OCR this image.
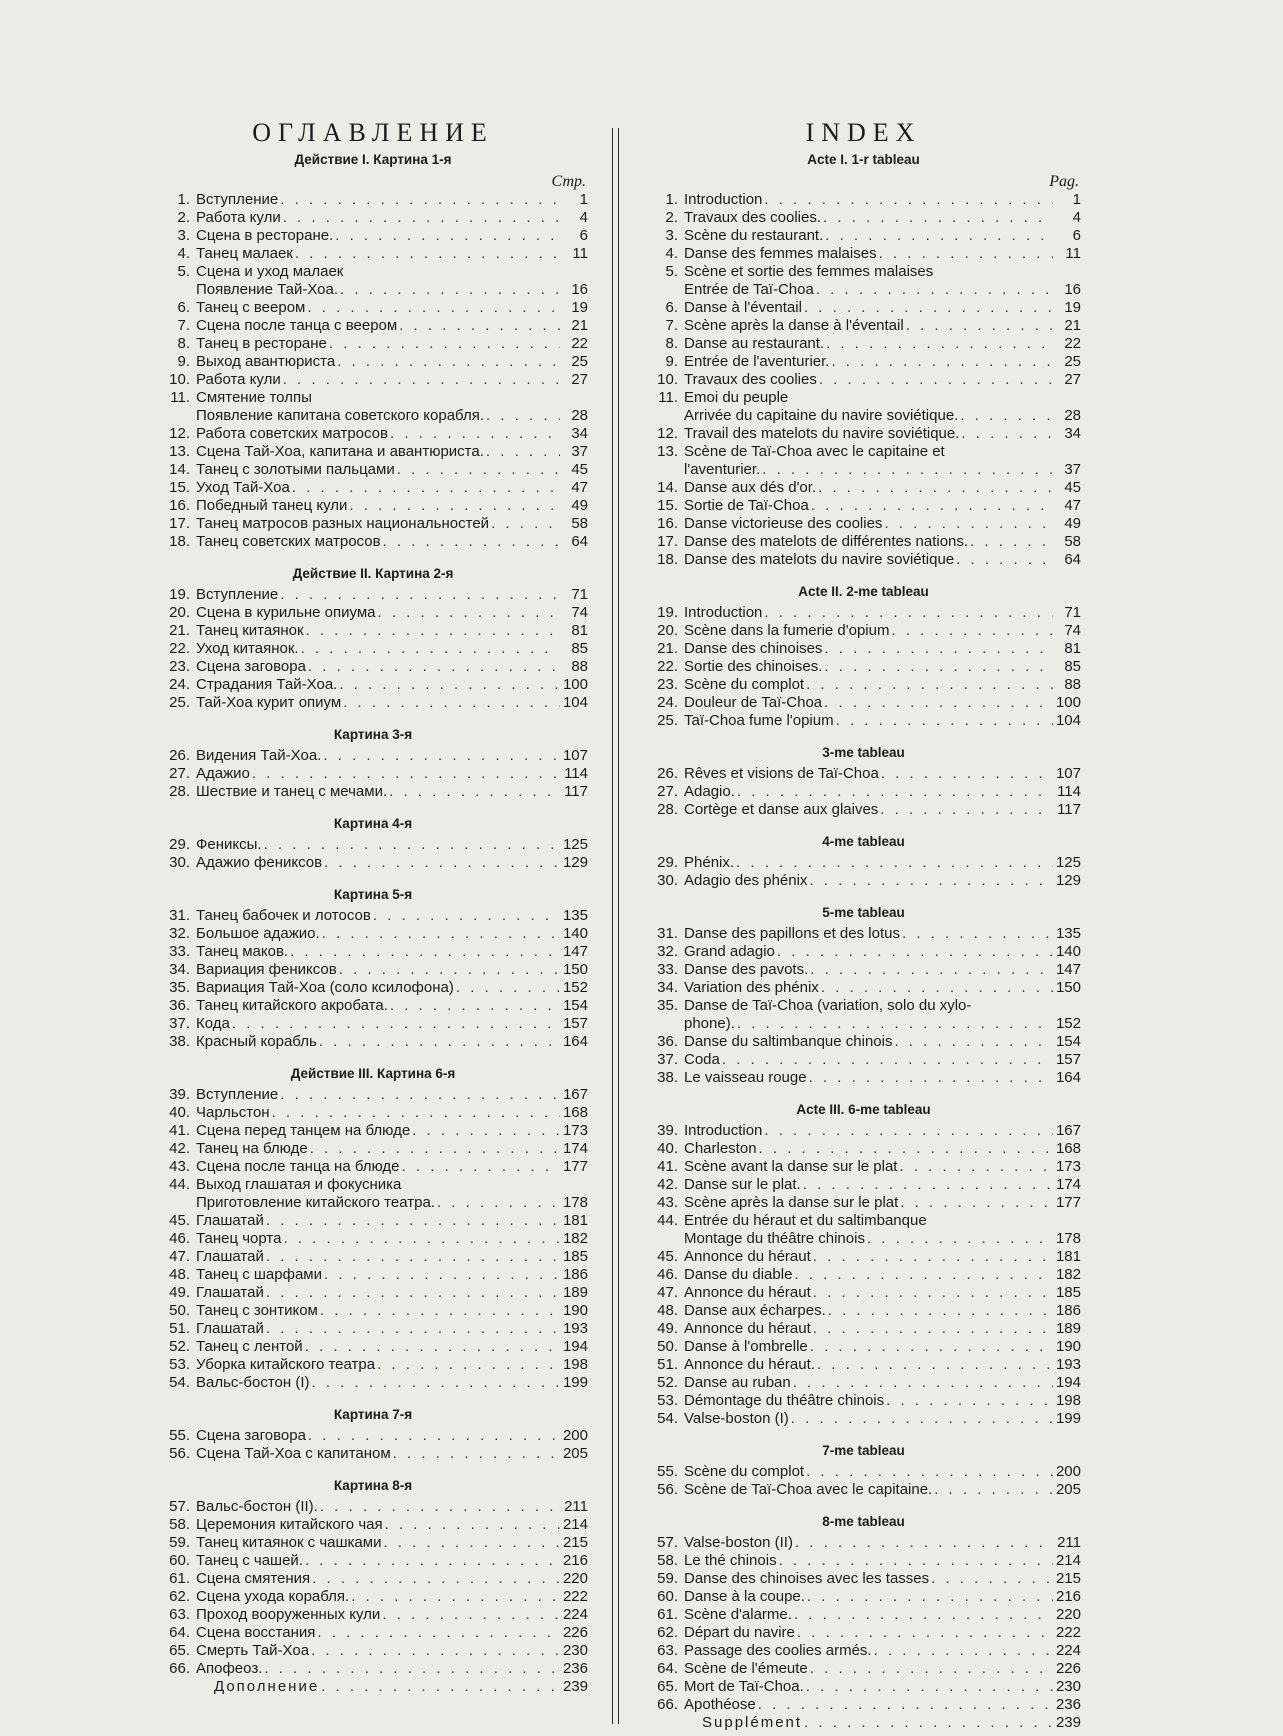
ОГЛАВЛЕНИЕ
Действие I. Картина 1-я
Стр.
1. Вступление . . .	1
2. Работа кули . . .	4
3. Сцена в ресторане. . . .	6
4. Танец малаек . . .	11
5. Сцена и уход малаек
Появление Тай-Хоа. . . .	16
6. Танец с веером . . .	19
7. Сцена после танца с веером . . .	21
8. Танец в ресторане . . .	22
9. Выход авантюриста . . .	25
10. Работа кули . . .	27
11. Смятение толпы
Появление капитана советского корабля. . . .	28
12. Работа советских матросов . . .	34
13. Сцена Тай-Хоа, капитана и авантюриста. . . .	37
14. Танец с золотыми пальцами . . .	45
15. Уход Тай-Хоа . . .	47
16. Победный танец кули . . .	49
17. Танец матросов разных национальностей . . .	58
18. Танец советских матросов . . .	64
Действие II. Картина 2-я
19. Вступление . . .	71
20. Сцена в курильне опиума . . .	74
21. Танец китаянок . . .	81
22. Уход китаянок. . . .	85
23. Сцена заговора . . .	88
24. Страдания Тай-Хоа. . . .	100
25. Тай-Хоа курит опиум . . .	104
Картина 3-я
26. Видения Тай-Хоа. . . .	107
27. Адажио . . .	114
28. Шествие и танец с мечами. . . .	117
Картина 4-я
29. Фениксы. . . .	125
30. Адажио фениксов . . .	129
Картина 5-я
31. Танец бабочек и лотосов . . .	135
32. Большое адажио. . . .	140
33. Танец маков. . . .	147
34. Вариация фениксов . . .	150
35. Вариация Тай-Хоа (соло ксилофона) . . .	152
36. Танец китайского акробата. . . .	154
37. Кода . . .	157
38. Красный корабль . . .	164
Действие III. Картина 6-я
39. Вступление . . .	167
40. Чарльстон . . .	168
41. Сцена перед танцем на блюде . . .	173
42. Танец на блюде . . .	174
43. Сцена после танца на блюде . . .	177
44. Выход глашатая и фокусника
Приготовление китайского театра. . . .	178
45. Глашатай . . .	181
46. Танец чорта . . .	182
47. Глашатай . . .	185
48. Танец с шарфами . . .	186
49. Глашатай . . .	189
50. Танец с зонтиком . . .	190
51. Глашатай . . .	193
52. Танец с лентой . . .	194
53. Уборка китайского театра . . .	198
54. Вальс-бостон (I) . . .	199
Картина 7-я
55. Сцена заговора . . .	200
56. Сцена Тай-Хоа с капитаном . . .	205
Картина 8-я
57. Вальс-бостон (II). . . .	211
58. Церемония китайского чая . . .	214
59. Танец китаянок с чашками . . .	215
60. Танец с чашей. . . .	216
61. Сцена смятения . . .	220
62. Сцена ухода корабля. . . .	222
63. Проход вооруженных кули . . .	224
64. Сцена восстания . . .	226
65. Смерть Тай-Хоа . . .	230
66. Апофеоз. . . .	236
Дополнение . . .	239
INDEX
Acte I. 1-r tableau
Pag.
1. Introduction . . .	1
2. Travaux des coolies. . . .	4
3. Scène du restaurant. . . .	6
4. Danse des femmes malaises . . .	11
5. Scène et sortie des femmes malaises
Entrée de Taï-Choa . . .	16
6. Danse à l'éventail . . .	19
7. Scène après la danse à l'éventail . . .	21
8. Danse au restaurant. . . .	22
9. Entrée de l'aventurier. . . .	25
10. Travaux des coolies . . .	27
11. Emoi du peuple
Arrivée du capitaine du navire soviétique. . . .	28
12. Travail des matelots du navire soviétique. . . .	34
13. Scène de Taï-Choa avec le capitaine et
l'aventurier. . . .	37
14. Danse aux dés d'or. . . .	45
15. Sortie de Taï-Choa . . .	47
16. Danse victorieuse des coolies . . .	49
17. Danse des matelots de différentes nations. . . .	58
18. Danse des matelots du navire soviétique . . .	64
Acte II. 2-me tableau
19. Introduction . . .	71
20. Scène dans la fumerie d'opium . . .	74
21. Danse des chinoises . . .	81
22. Sortie des chinoises. . . .	85
23. Scène du complot . . .	88
24. Douleur de Taï-Choa . . .	100
25. Taï-Choa fume l'opium . . .	104
3-me tableau
26. Rêves et visions de Taï-Choa . . .	107
27. Adagio. . . .	114
28. Cortège et danse aux glaives . . .	117
4-me tableau
29. Phénix. . . .	125
30. Adagio des phénix . . .	129
5-me tableau
31. Danse des papillons et des lotus . . .	135
32. Grand adagio . . .	140
33. Danse des pavots. . . .	147
34. Variation des phénix . . .	150
35. Danse de Taï-Choa (variation, solo du xylo-
phone). . . .	152
36. Danse du saltimbanque chinois . . .	154
37. Coda . . .	157
38. Le vaisseau rouge . . .	164
Acte III. 6-me tableau
39. Introduction . . .	167
40. Charleston . . .	168
41. Scène avant la danse sur le plat . . .	173
42. Danse sur le plat. . . .	174
43. Scène après la danse sur le plat . . .	177
44. Entrée du héraut et du saltimbanque
Montage du théâtre chinois . . .	178
45. Annonce du héraut . . .	181
46. Danse du diable . . .	182
47. Annonce du héraut . . .	185
48. Danse aux écharpes. . . .	186
49. Annonce du héraut . . .	189
50. Danse à l'ombrelle . . .	190
51. Annonce du héraut. . . .	193
52. Danse au ruban . . .	194
53. Démontage du théâtre chinois . . .	198
54. Valse-boston (I) . . .	199
7-me tableau
55. Scène du complot . . .	200
56. Scène de Taï-Choa avec le capitaine. . . .	205
8-me tableau
57. Valse-boston (II) . . .	211
58. Le thé chinois . . .	214
59. Danse des chinoises avec les tasses . . .	215
60. Danse à la coupe. . . .	216
61. Scène d'alarme. . . .	220
62. Départ du navire . . .	222
63. Passage des coolies armés. . . .	224
64. Scène de l'émeute . . .	226
65. Mort de Taï-Choa. . . .	230
66. Apothéose . . .	236
Supplément . . .	239
